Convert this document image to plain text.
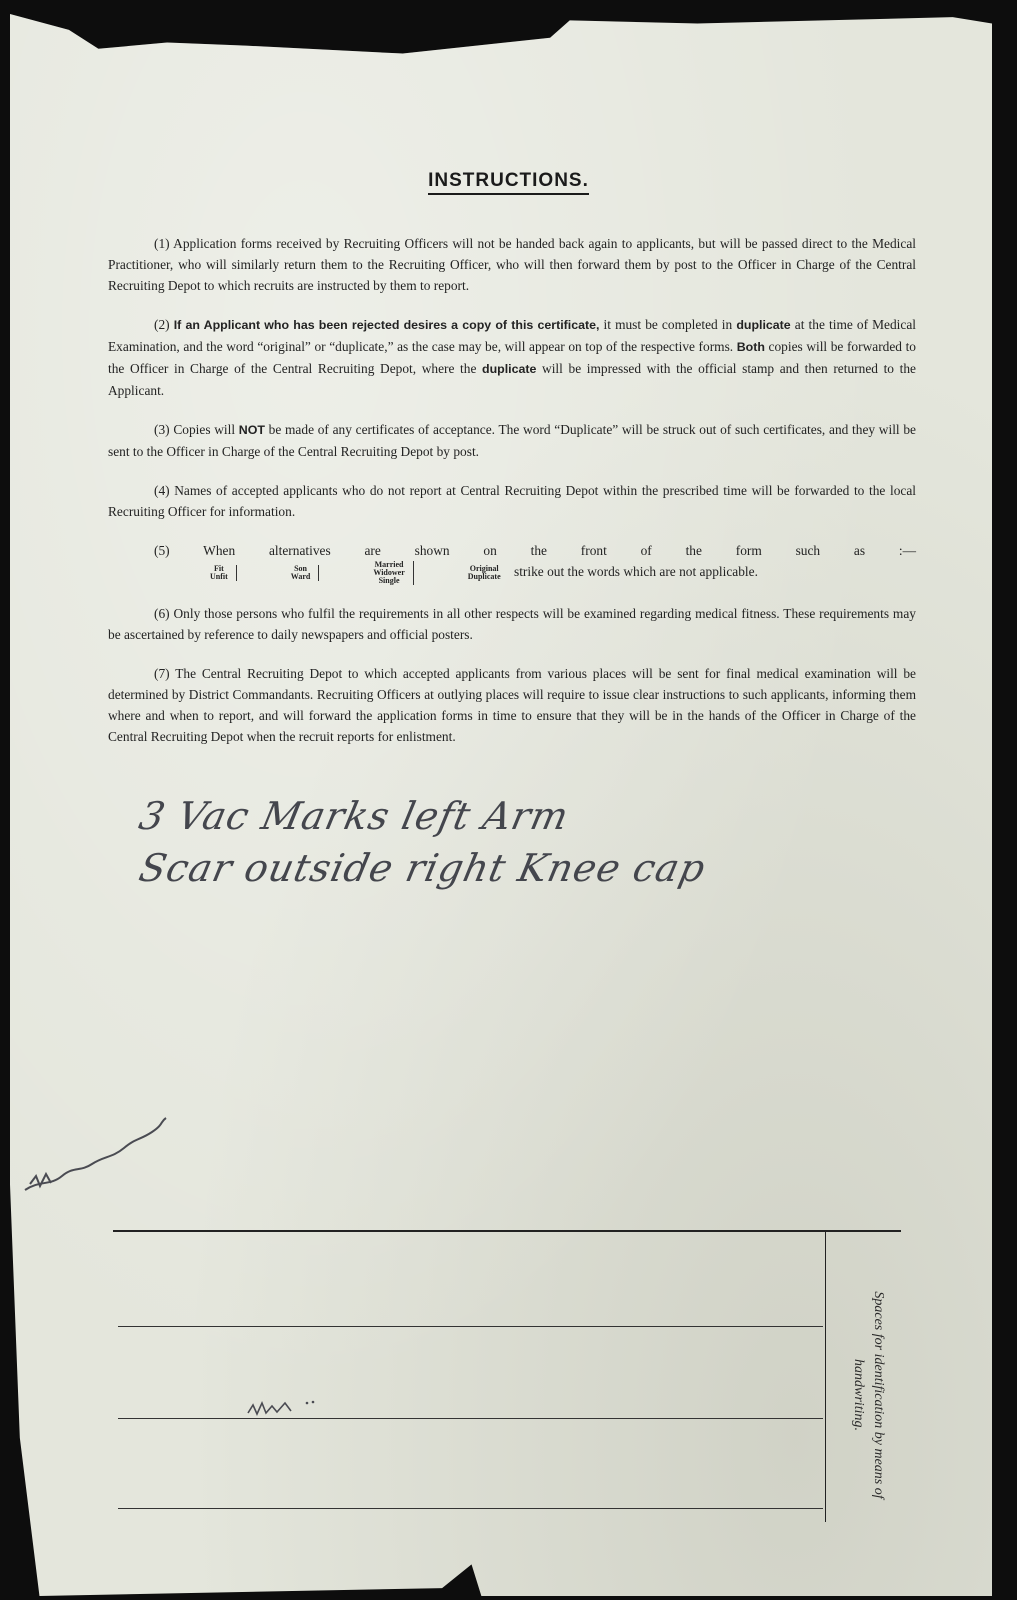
INSTRUCTIONS.

(1) Application forms received by Recruiting Officers will not be handed back again to applicants, but will be passed direct to the Medical Practitioner, who will similarly return them to the Recruiting Officer, who will then forward them by post to the Officer in Charge of the Central Recruiting Depot to which recruits are instructed by them to report.

(2) If an Applicant who has been rejected desires a copy of this certificate, it must be completed in duplicate at the time of Medical Examination, and the word “original” or “duplicate,” as the case may be, will appear on top of the respective forms. Both copies will be forwarded to the Officer in Charge of the Central Recruiting Depot, where the duplicate will be impressed with the official stamp and then returned to the Applicant.

(3) Copies will NOT be made of any certificates of acceptance. The word “Duplicate” will be struck out of such certificates, and they will be sent to the Officer in Charge of the Central Recruiting Depot by post.

(4) Names of accepted applicants who do not report at Central Recruiting Depot within the prescribed time will be forwarded to the local Recruiting Officer for information.

(5) When alternatives are shown on the front of the form such as :—
Fit
Unfit
Son
Ward
Married
Widower
Single
Original
Duplicate strike out the words which are not applicable.

(6) Only those persons who fulfil the requirements in all other respects will be examined regarding medical fitness. These requirements may be ascertained by reference to daily newspapers and official posters.

(7) The Central Recruiting Depot to which accepted applicants from various places will be sent for final medical examination will be determined by District Commandants. Recruiting Officers at outlying places will require to issue clear instructions to such applicants, informing them where and when to report, and will forward the application forms in time to ensure that they will be in the hands of the Officer in Charge of the Central Recruiting Depot when the recruit reports for enlistment.

3 Vac Marks left Arm
Scar outside right Knee cap
Spaces for identification by means of handwriting.
